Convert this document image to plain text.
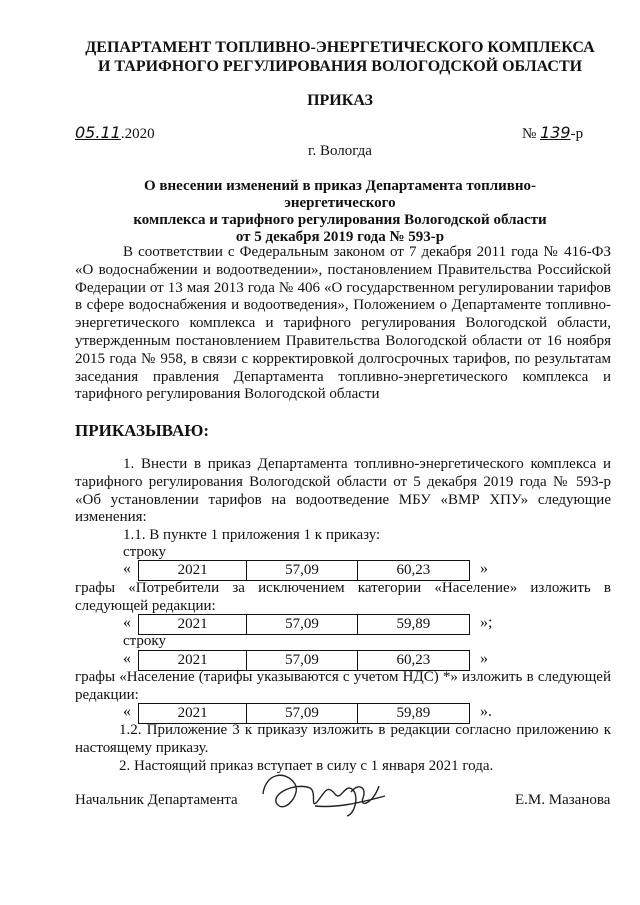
ДЕПАРТАМЕНТ ТОПЛИВНО-ЭНЕРГЕТИЧЕСКОГО КОМПЛЕКСА
И ТАРИФНОГО РЕГУЛИРОВАНИЯ ВОЛОГОДСКОЙ ОБЛАСТИ
ПРИКАЗ
05.11.2020	№ 139-р
г. Вологда
О внесении изменений в приказ Департамента топливно-энергетического
комплекса и тарифного регулирования Вологодской области
от 5 декабря 2019 года № 593-р
В соответствии с Федеральным законом от 7 декабря 2011 года № 416-ФЗ «О водоснабжении и водоотведении», постановлением Правительства Российской Федерации от 13 мая 2013 года № 406 «О государственном регулировании тарифов в сфере водоснабжения и водоотведения», Положением о Департаменте топливно-энергетического комплекса и тарифного регулирования Вологодской области, утвержденным постановлением Правительства Вологодской области от 16 ноября 2015 года № 958, в связи с корректировкой долгосрочных тарифов, по результатам заседания правления Департамента топливно-энергетического комплекса и тарифного регулирования Вологодской области
ПРИКАЗЫВАЮ:
1. Внести в приказ Департамента топливно-энергетического комплекса и тарифного регулирования Вологодской области от 5 декабря 2019 года № 593-р «Об установлении тарифов на водоотведение МБУ «ВМР ХПУ» следующие изменения:
1.1. В пункте 1 приложения 1 к приказу:
строку
«	2021	57,09	60,23	»
графы «Потребители за исключением категории «Население» изложить в следующей редакции:
«	2021	57,09	59,89	»;
строку
«	2021	57,09	60,23	»
графы «Население (тарифы указываются с учетом НДС) *» изложить в следующей редакции:
«	2021	57,09	59,89	».
1.2. Приложение 3 к приказу изложить в редакции согласно приложению к настоящему приказу.
2. Настоящий приказ вступает в силу с 1 января 2021 года.
Начальник Департамента	Е.М. Мазанова
